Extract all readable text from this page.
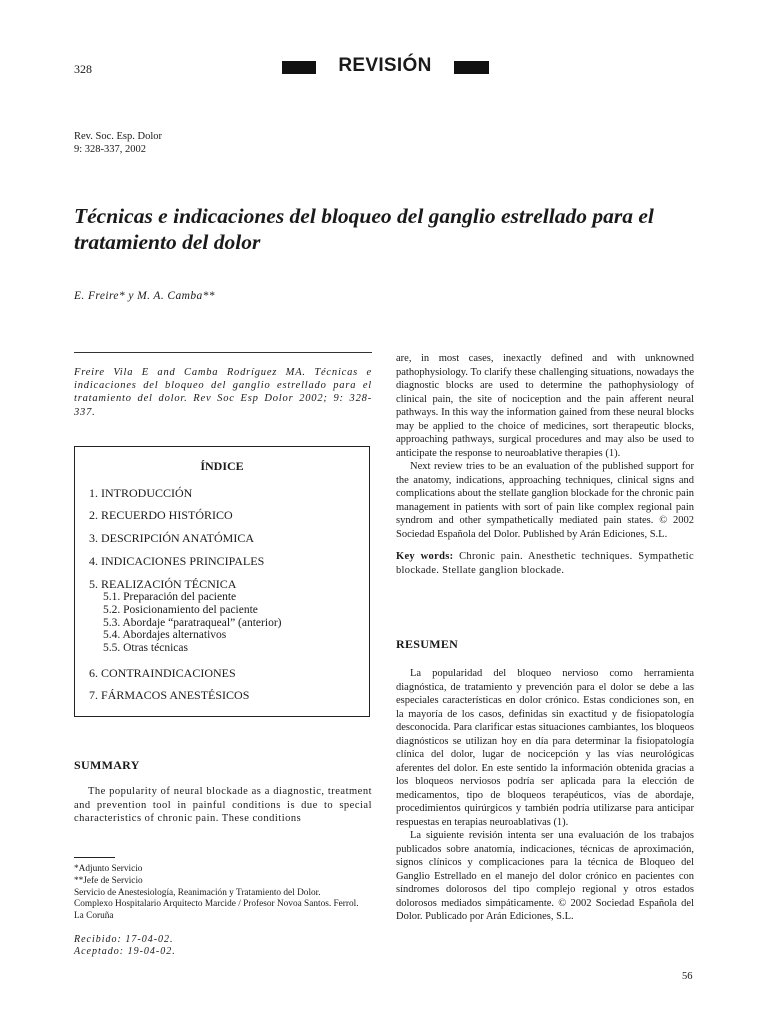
328	REVISIÓN
Rev. Soc. Esp. Dolor
9: 328-337, 2002
Técnicas e indicaciones del bloqueo del ganglio estrellado para el tratamiento del dolor
E. Freire* y M. A. Camba**
Freire Vila E and Camba Rodríguez MA. Técnicas e indicaciones del bloqueo del ganglio estrellado para el tratamiento del dolor. Rev Soc Esp Dolor 2002; 9: 328-337.
ÍNDICE
1. INTRODUCCIÓN
2. RECUERDO HISTÓRICO
3. DESCRIPCIÓN ANATÓMICA
4. INDICACIONES PRINCIPALES
5. REALIZACIÓN TÉCNICA
5.1. Preparación del paciente
5.2. Posicionamiento del paciente
5.3. Abordaje “paratraqueal” (anterior)
5.4. Abordajes alternativos
5.5. Otras técnicas
6. CONTRAINDICACIONES
7. FÁRMACOS ANESTÉSICOS
SUMMARY
The popularity of neural blockade as a diagnostic, treatment and prevention tool in painful conditions is due to special characteristics of chronic pain. These conditions
*Adjunto Servicio
**Jefe de Servicio
Servicio de Anestesiología, Reanimación y Tratamiento del Dolor.
Complexo Hospitalario Arquitecto Marcide / Profesor Novoa Santos. Ferrol.
La Coruña
Recibido: 17-04-02.
Aceptado: 19-04-02.

are, in most cases, inexactly defined and with unknowned pathophysiology. To clarify these challenging situations, nowadays the diagnostic blocks are used to determine the pathophysiology of clinical pain, the site of nociception and the pain afferent neural pathways. In this way the information gained from these neural blocks may be applied to the choice of medicines, sort therapeutic blocks, approaching pathways, surgical procedures and may also be used to anticipate the response to neuroablative therapies (1).

Next review tries to be an evaluation of the published support for the anatomy, indications, approaching techniques, clinical signs and complications about the stellate ganglion blockade for the chronic pain management in patients with sort of pain like complex regional pain syndrom and other sympathetically mediated pain states. © 2002 Sociedad Española del Dolor. Published by Arán Ediciones, S.L.

Key words: Chronic pain. Anesthetic techniques. Sympathetic blockade. Stellate ganglion blockade.

RESUMEN

La popularidad del bloqueo nervioso como herramienta diagnóstica, de tratamiento y prevención para el dolor se debe a las especiales características en dolor crónico. Estas condiciones son, en la mayoría de los casos, definidas sin exactitud y de fisiopatología desconocida. Para clarificar estas situaciones cambiantes, los bloqueos diagnósticos se utilizan hoy en día para determinar la fisiopatología clínica del dolor, lugar de nocicepción y las vías neurológicas aferentes del dolor. En este sentido la información obtenida gracias a los bloqueos nerviosos podría ser aplicada para la elección de medicamentos, tipo de bloqueos terapéuticos, vías de abordaje, procedimientos quirúrgicos y también podría utilizarse para anticipar respuestas en terapias neuroablativas (1).

La siguiente revisión intenta ser una evaluación de los trabajos publicados sobre anatomía, indicaciones, técnicas de aproximación, signos clínicos y complicaciones para la técnica de Bloqueo del Ganglio Estrellado en el manejo del dolor crónico en pacientes con síndromes dolorosos del tipo complejo regional y otros estados dolorosos mediados simpáticamente. © 2002 Sociedad Española del Dolor. Publicado por Arán Ediciones, S.L.

56
